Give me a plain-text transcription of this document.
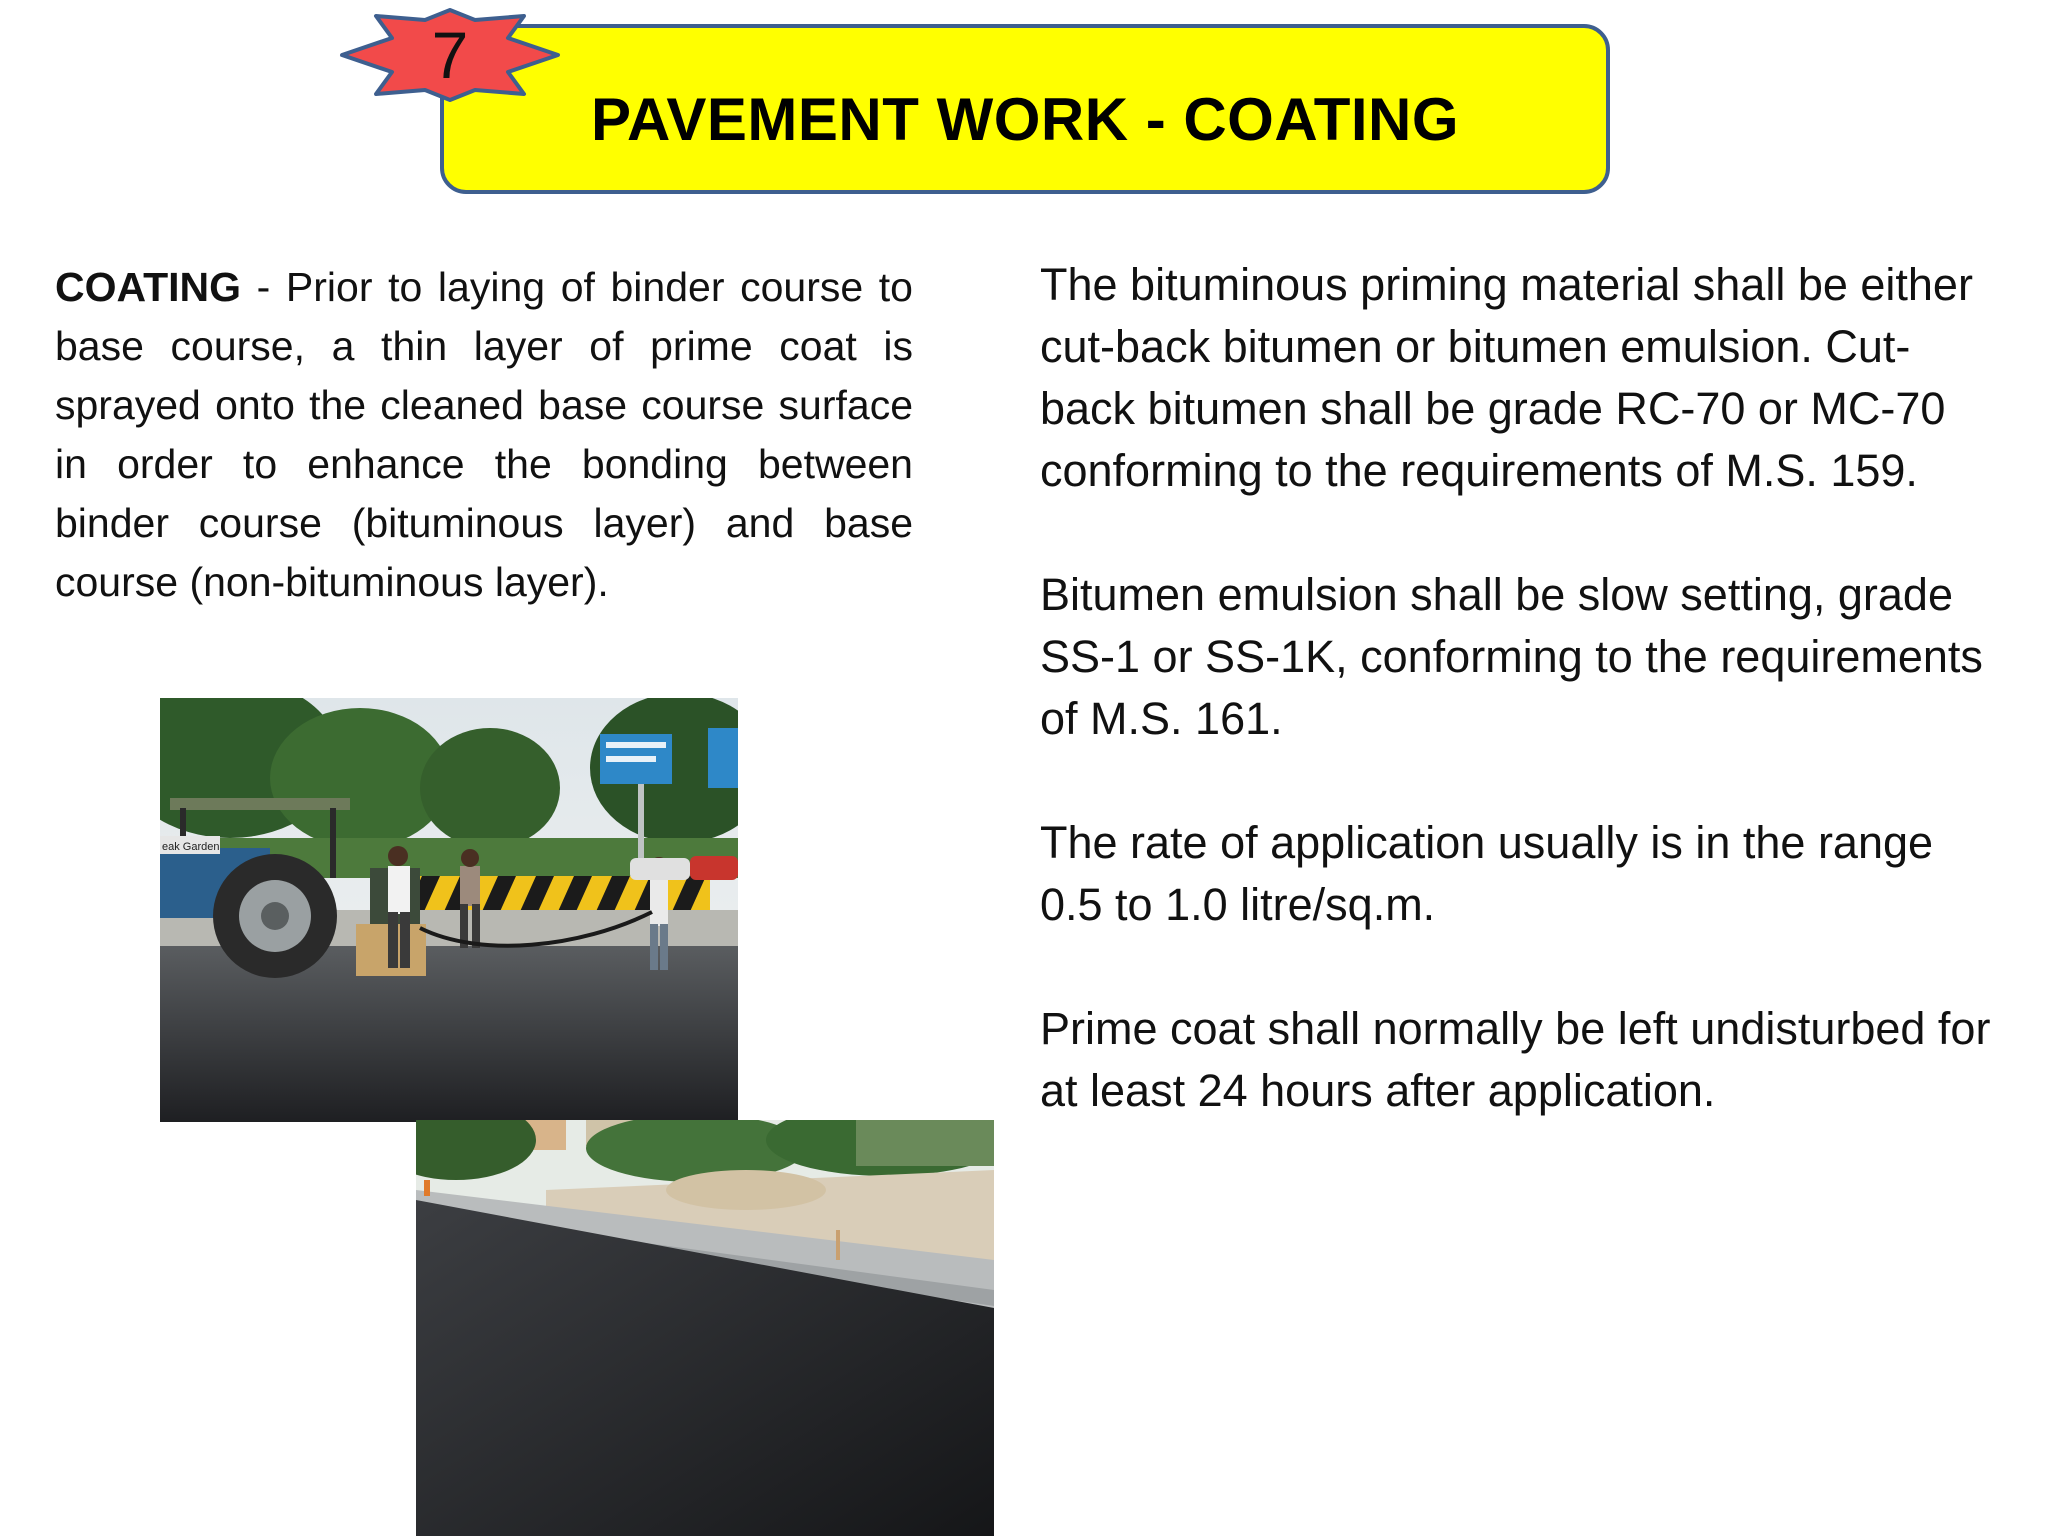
PAVEMENT WORK - COATING
7
COATING - Prior to laying of binder course to base course, a thin layer of prime coat is sprayed onto the cleaned base course surface in order to enhance the bonding between binder course (bituminous layer) and base course (non-bituminous layer).

The bituminous priming material shall be either cut-back bitumen or bitumen emulsion. Cut-back bitumen shall be grade RC-70 or MC-70 conforming to the requirements of M.S. 159.

Bitumen emulsion shall be slow setting, grade SS-1 or SS-1K, conforming to the requirements of M.S. 161.

The rate of application usually is in the range 0.5 to 1.0 litre/sq.m.

Prime coat shall normally be left undisturbed for at least 24 hours after application.

eak Garden
